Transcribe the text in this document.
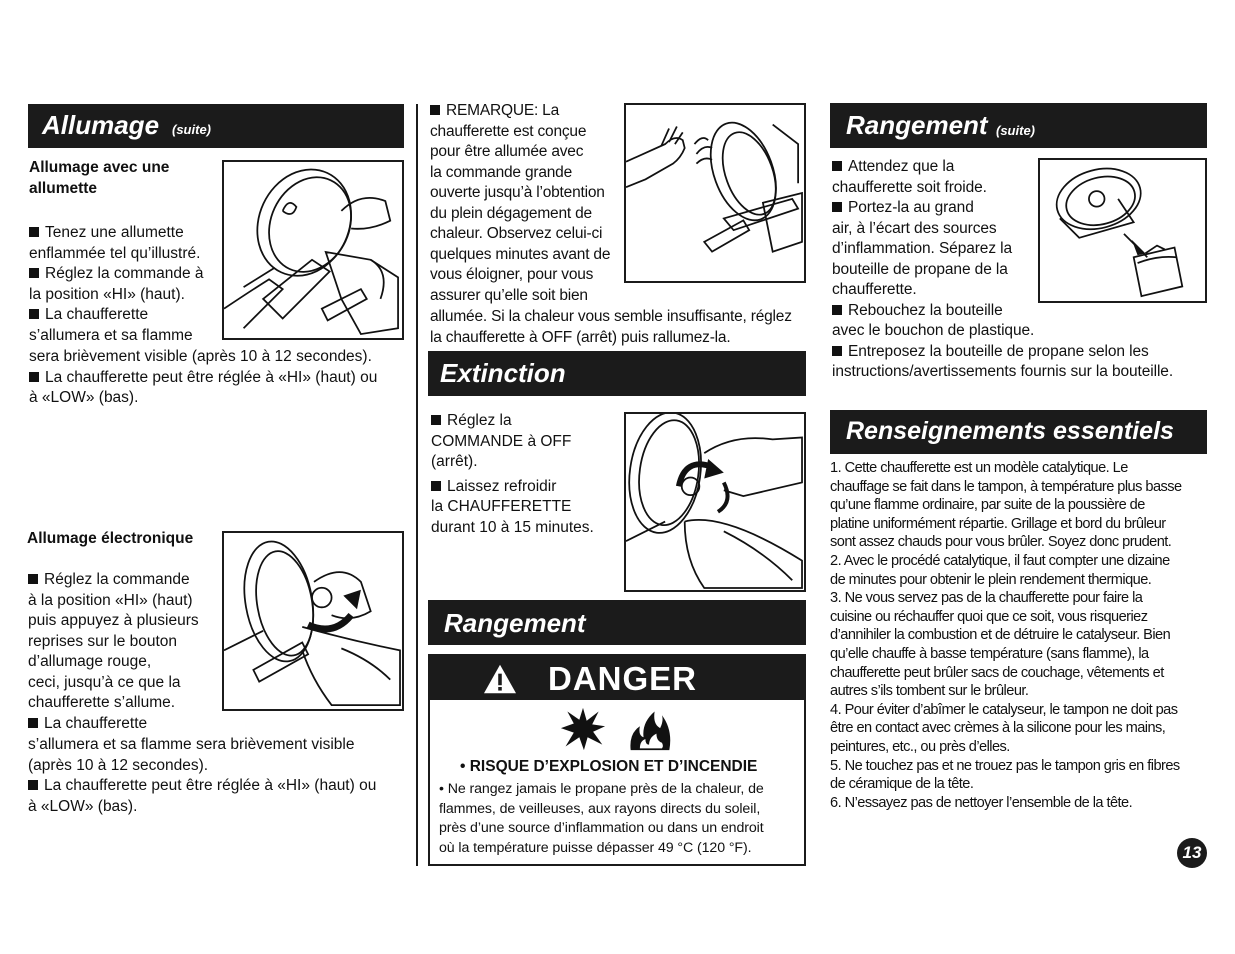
Allumage (suite)
Allumage avec une
allumette

Tenez une allumette

enflammée tel qu’illustré.

Réglez la commande à

la position «HI» (haut).

La chaufferette

s’allumera et sa flamme

sera brièvement visible (après 10 à 12 secondes).

La chaufferette peut être réglée à «HI» (haut) ou

à «LOW» (bas).

Allumage électronique

Réglez la commande

à la position «HI» (haut)

puis appuyez à plusieurs

reprises sur le bouton

d’allumage rouge,

ceci, jusqu’à ce que la

chaufferette s’allume.

La chaufferette

s’allumera et sa flamme sera brièvement visible

(après 10 à 12 secondes).

La chaufferette peut être réglée à «HI» (haut) ou

à «LOW» (bas).

REMARQUE: La

chaufferette est conçue

pour être allumée avec

la commande grande

ouverte jusqu’à l’obtention

du plein dégagement de

chaleur. Observez celui-ci

quelques minutes avant de

vous éloigner, pour vous

assurer qu’elle soit bien

allumée. Si la chaleur vous semble insuffisante, réglez

la chaufferette à OFF (arrêt) puis rallumez-la.

Extinction

Réglez la

COMMANDE à OFF

(arrêt).

Laissez refroidir

la CHAUFFERETTE

durant 10 à 15 minutes.

Rangement
DANGER
• RISQUE D’EXPLOSION ET D’INCENDIE
• Ne rangez jamais le propane près de la chaleur, de
flammes, de veilleuses, aux rayons directs du soleil,
près d’une source d’inflammation ou dans un endroit
où la température puisse dépasser 49 °C (120 °F).
Rangement (suite)

Attendez que la

chaufferette soit froide.

Portez-la au grand

air, à l’écart des sources

d’inflammation. Séparez la

bouteille de propane de la

chaufferette.

Rebouchez la bouteille

avec le bouchon de plastique.

Entreposez la bouteille de propane selon les

instructions/avertissements fournis sur la bouteille.

Renseignements essentiels

1. Cette chaufferette est un modèle catalytique. Le

chauffage se fait dans le tampon, à température plus basse

qu’une flamme ordinaire, par suite de la poussière de

platine uniformément répartie. Grillage et bord du brûleur

sont assez chauds pour vous brûler. Soyez donc prudent.

2. Avec le procédé catalytique, il faut compter une dizaine

de minutes pour obtenir le plein rendement thermique.

3. Ne vous servez pas de la chaufferette pour faire la

cuisine ou réchauffer quoi que ce soit, vous risqueriez

d’annihiler la combustion et de détruire le catalyseur. Bien

qu’elle chauffe à basse température (sans flamme), la

chaufferette peut brûler sacs de couchage, vêtements et

autres s’ils tombent sur le brûleur.

4. Pour éviter d’abîmer le catalyseur, le tampon ne doit pas

être en contact avec crèmes à la silicone pour les mains,

peintures, etc., ou près d’elles.

5. Ne touchez pas et ne trouez pas le tampon gris en fibres

de céramique de la tête.

6. N’essayez pas de nettoyer l’ensemble de la tête.

13
